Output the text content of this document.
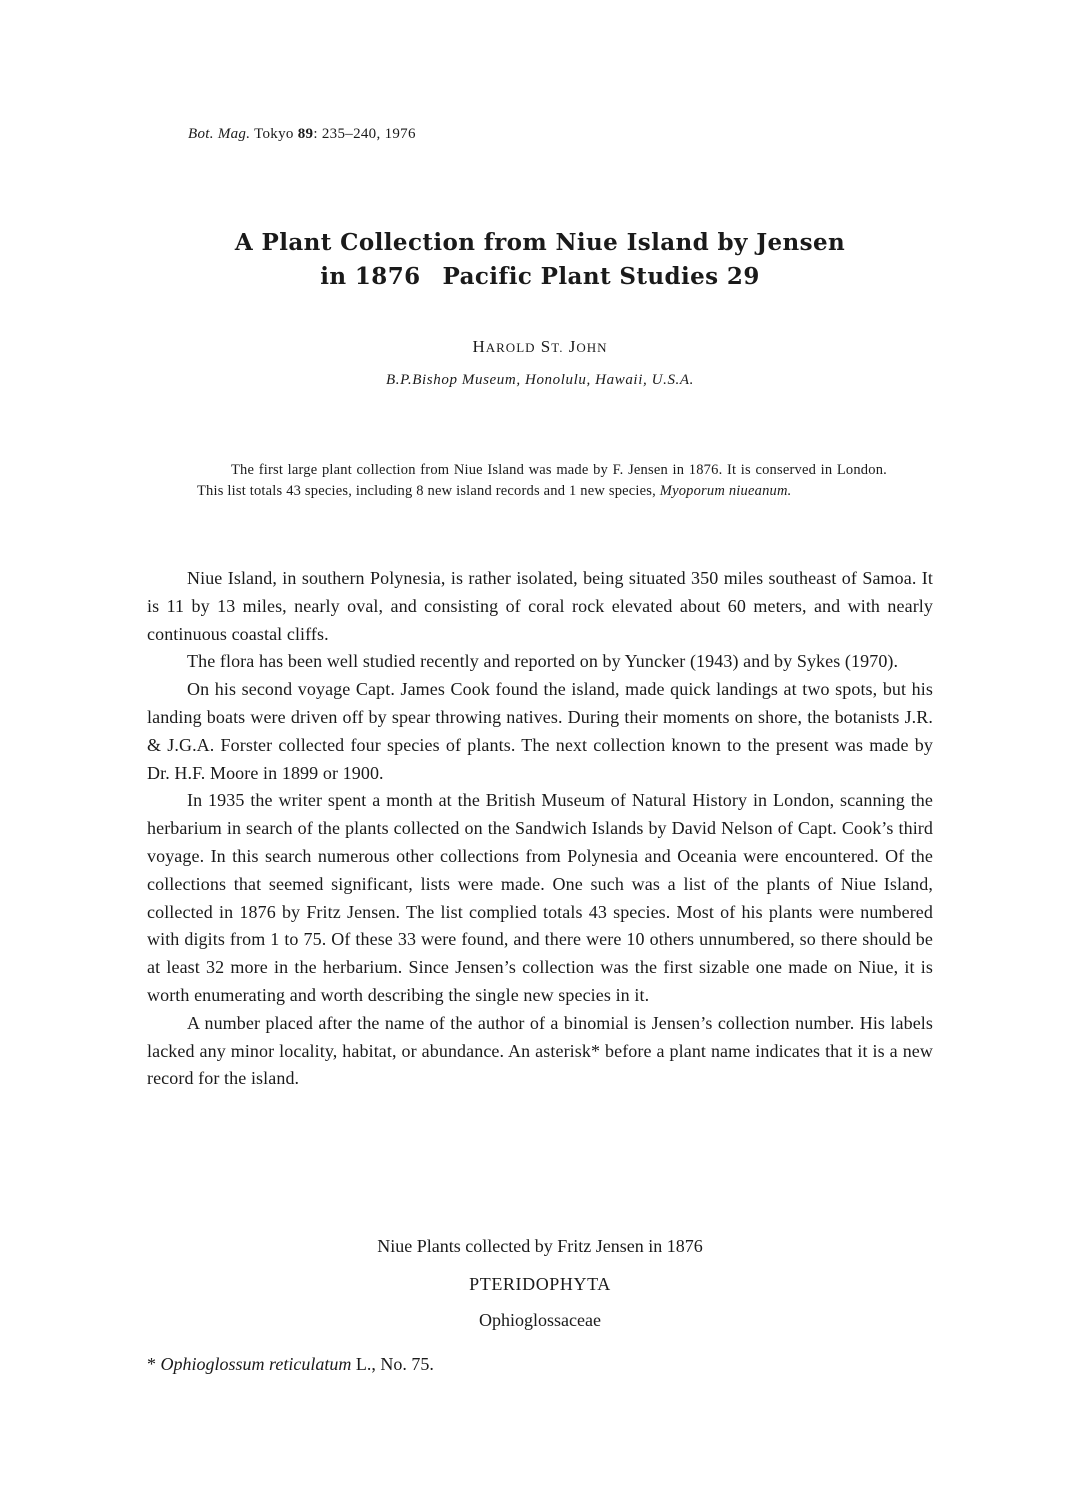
Bot. Mag. Tokyo 89: 235–240, 1976
A Plant Collection from Niue Island by Jensen
in 1876 Pacific Plant Studies 29
HAROLD ST. JOHN
B.P.Bishop Museum, Honolulu, Hawaii, U.S.A.
The first large plant collection from Niue Island was made by F. Jensen in 1876. It is conserved in London. This list totals 43 species, including 8 new island records and 1 new species, Myoporum niueanum.

Niue Island, in southern Polynesia, is rather isolated, being situated 350 miles southeast of Samoa. It is 11 by 13 miles, nearly oval, and consisting of coral rock elevated about 60 meters, and with nearly continuous coastal cliffs.

The flora has been well studied recently and reported on by Yuncker (1943) and by Sykes (1970).

On his second voyage Capt. James Cook found the island, made quick landings at two spots, but his landing boats were driven off by spear throwing natives. During their moments on shore, the botanists J.R. & J.G.A. Forster collected four species of plants. The next collection known to the present was made by Dr. H.F. Moore in 1899 or 1900.

In 1935 the writer spent a month at the British Museum of Natural History in London, scanning the herbarium in search of the plants collected on the Sandwich Islands by David Nelson of Capt. Cook’s third voyage. In this search numerous other collections from Polynesia and Oceania were encountered. Of the collections that seemed significant, lists were made. One such was a list of the plants of Niue Island, collected in 1876 by Fritz Jensen. The list complied totals 43 species. Most of his plants were numbered with digits from 1 to 75. Of these 33 were found, and there were 10 others unnumbered, so there should be at least 32 more in the herbarium. Since Jensen’s collection was the first sizable one made on Niue, it is worth enumerating and worth describing the single new species in it.

A number placed after the name of the author of a binomial is Jensen’s collection number. His labels lacked any minor locality, habitat, or abundance. An asterisk* before a plant name indicates that it is a new record for the island.

Niue Plants collected by Fritz Jensen in 1876
PTERIDOPHYTA
Ophioglossaceae
* Ophioglossum reticulatum L., No. 75.
